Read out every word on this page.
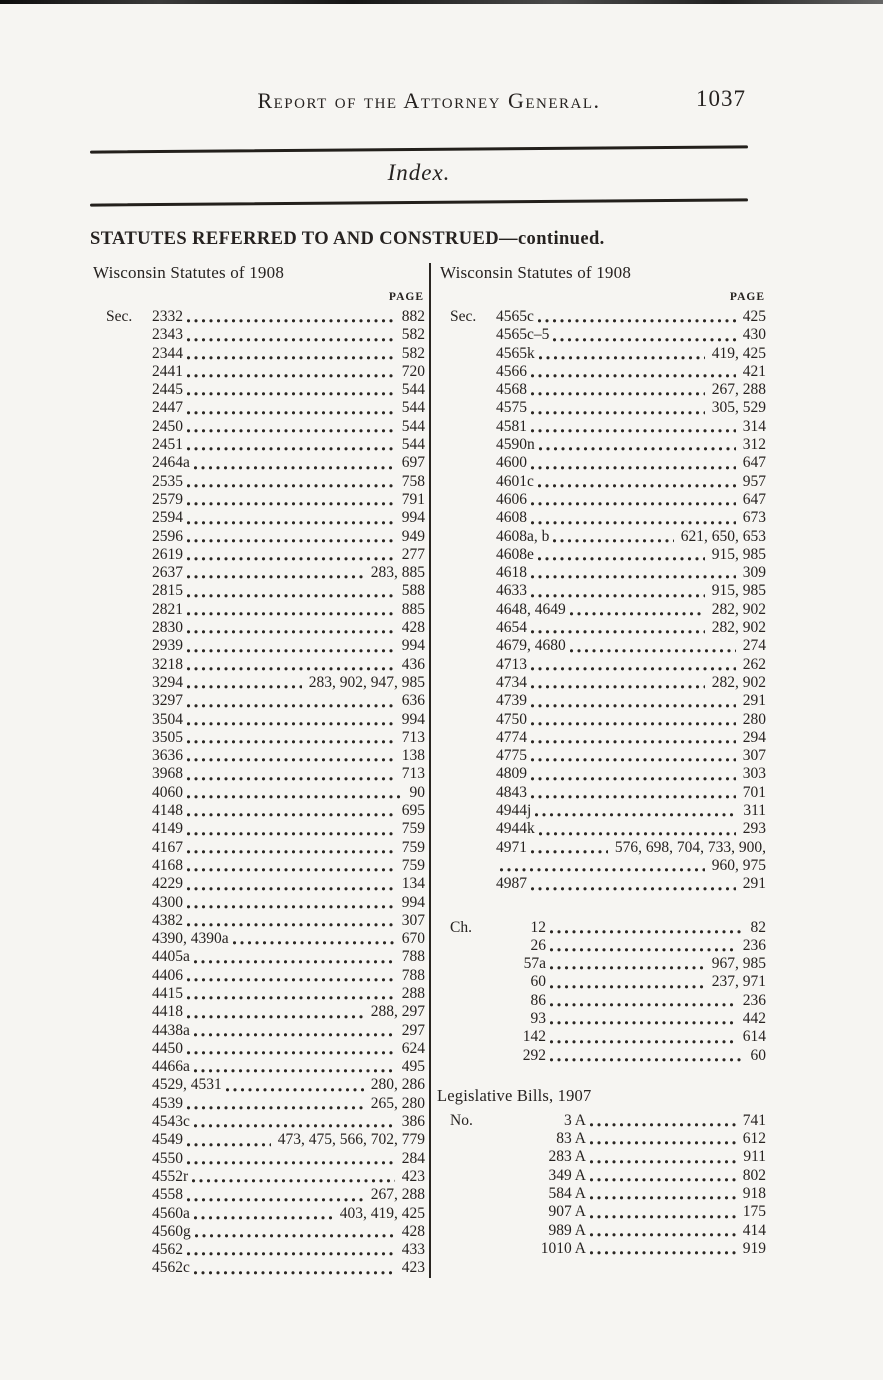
Report of the Attorney General.	1037
Index.
STATUTES REFERRED TO AND CONSTRUED—continued.
Wisconsin Statutes of 1908
PAGE
Sec.	2332	882
2343	582
2344	582
2441	720
2445	544
2447	544
2450	544
2451	544
2464a	697
2535	758
2579	791
2594	994
2596	949
2619	277
2637	283, 885
2815	588
2821	885
2830	428
2939	994
3218	436
3294	283, 902, 947, 985
3297	636
3504	994
3505	713
3636	138
3968	713
4060	90
4148	695
4149	759
4167	759
4168	759
4229	134
4300	994
4382	307
4390, 4390a	670
4405a	788
4406	788
4415	288
4418	288, 297
4438a	297
4450	624
4466a	495
4529, 4531	280, 286
4539	265, 280
4543c	386
4549	473, 475, 566, 702, 779
4550	284
4552r	423
4558	267, 288
4560a	403, 419, 425
4560g	428
4562	433
4562c	423
Wisconsin Statutes of 1908
PAGE
Sec.	4565c	425
4565c–5	430
4565k	419, 425
4566	421
4568	267, 288
4575	305, 529
4581	314
4590n	312
4600	647
4601c	957
4606	647
4608	673
4608a, b	621, 650, 653
4608e	915, 985
4618	309
4633	915, 985
4648, 4649	282, 902
4654	282, 902
4679, 4680	274
4713	262
4734	282, 902
4739	291
4750	280
4774	294
4775	307
4809	303
4843	701
4944j	311
4944k	293
4971	576, 698, 704, 733, 900,
960, 975
4987	291
Ch.	12	82
26	236
57a	967, 985
60	237, 971
86	236
93	442
142	614
292	60
Legislative Bills, 1907
No.	3 A	741
83 A	612
283 A	911
349 A	802
584 A	918
907 A	175
989 A	414
1010 A	919
